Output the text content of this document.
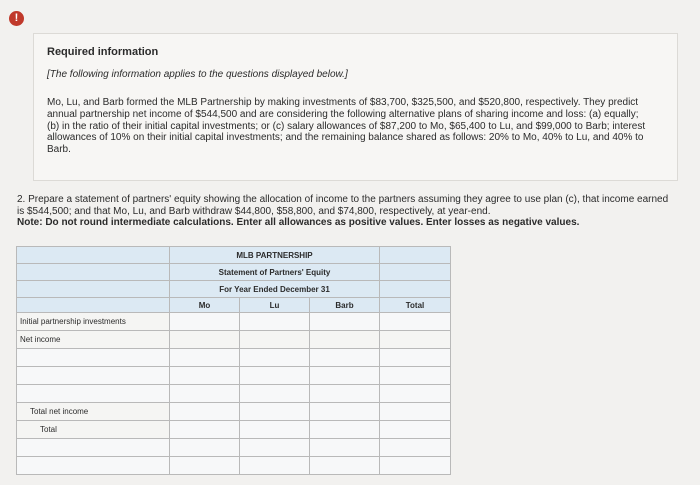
!
Required information
[The following information applies to the questions displayed below.]
Mo, Lu, and Barb formed the MLB Partnership by making investments of $83,700, $325,500, and $520,800, respectively. They predict annual partnership net income of $544,500 and are considering the following alternative plans of sharing income and loss: (a) equally; (b) in the ratio of their initial capital investments; or (c) salary allowances of $87,200 to Mo, $65,400 to Lu, and $99,000 to Barb; interest allowances of 10% on their initial capital investments; and the remaining balance shared as follows: 20% to Mo, 40% to Lu, and 40% to Barb.
2. Prepare a statement of partners' equity showing the allocation of income to the partners assuming they agree to use plan (c), that income earned is $544,500; and that Mo, Lu, and Barb withdraw $44,800, $58,800, and $74,800, respectively, at year-end.
Note: Do not round intermediate calculations. Enter all allowances as positive values. Enter losses as negative values.
	MLB PARTNERSHIP			
	Statement of Partners' Equity			
	For Year Ended December 31			
	Mo	Lu	Barb	Total
Initial partnership investments				
Net income				

Total net income				
Total				
